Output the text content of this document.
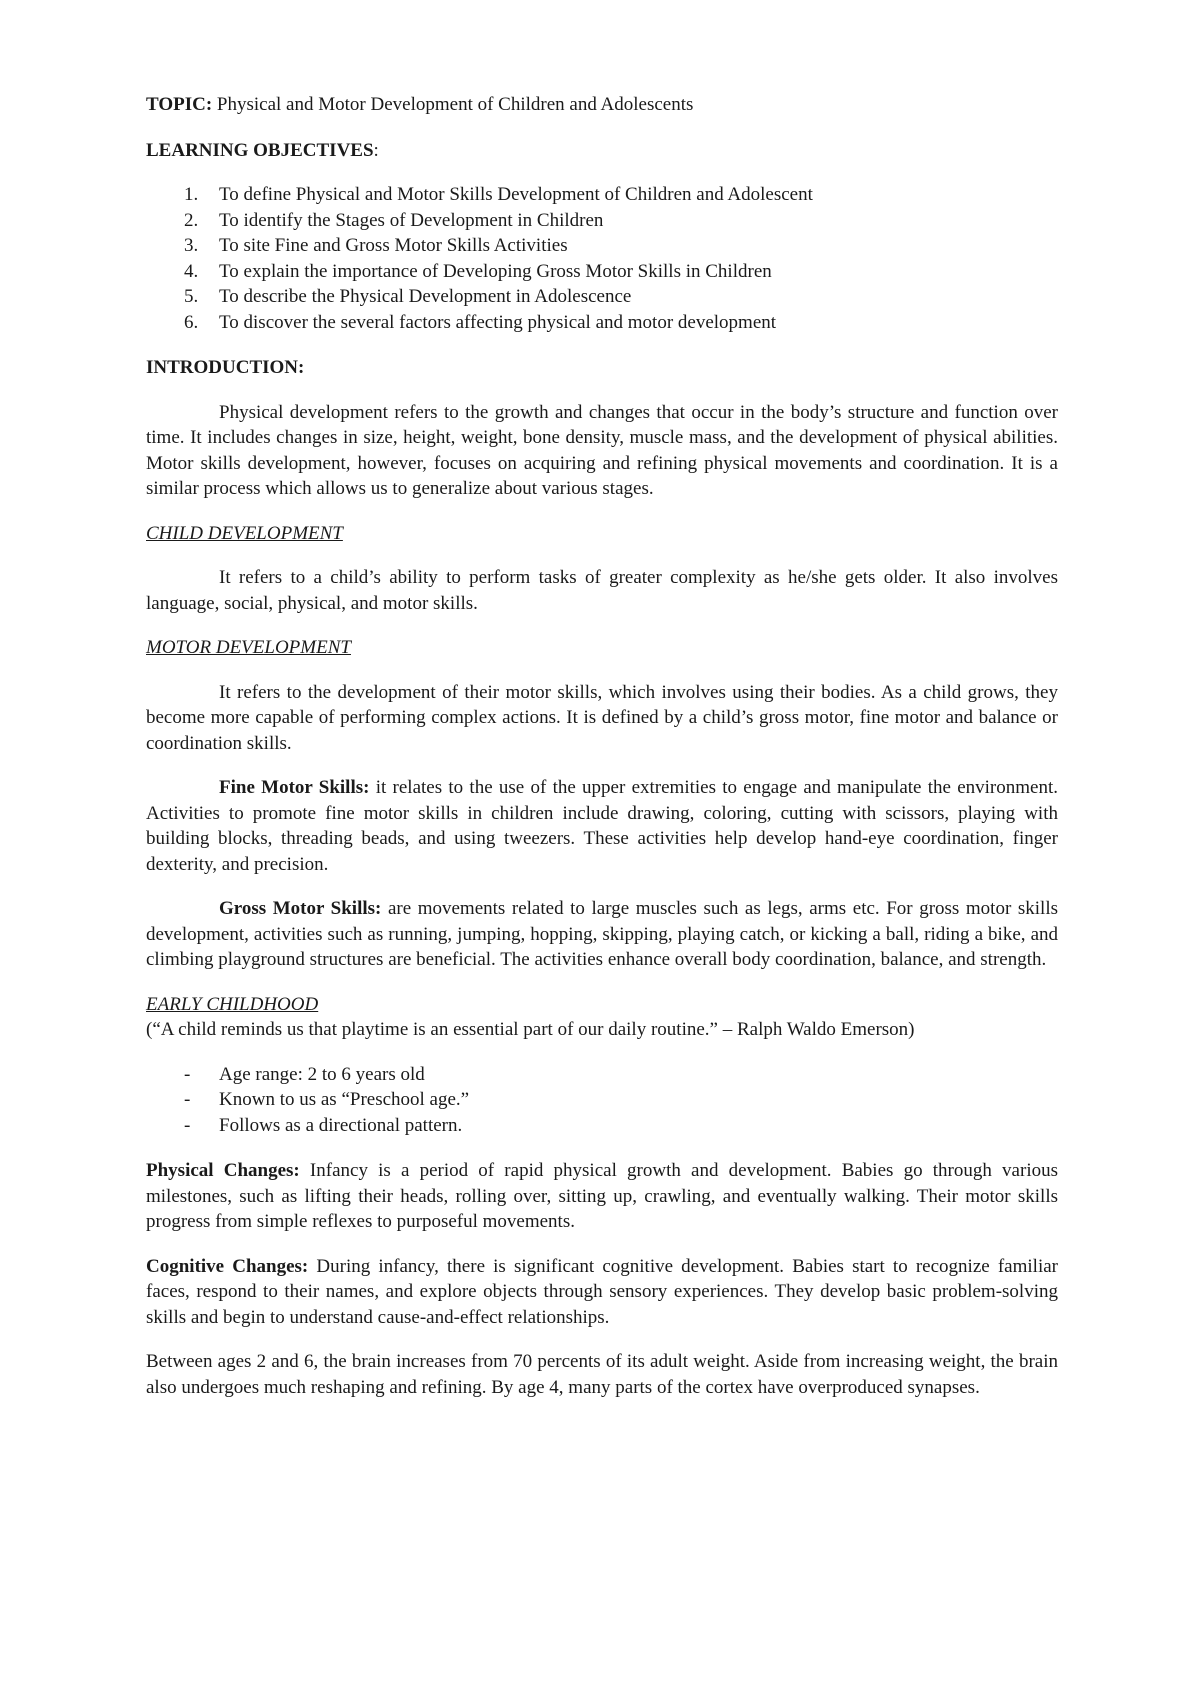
TOPIC: Physical and Motor Development of Children and Adolescents

LEARNING OBJECTIVES:

1. To define Physical and Motor Skills Development of Children and Adolescent
2. To identify the Stages of Development in Children
3. To site Fine and Gross Motor Skills Activities
4. To explain the importance of Developing Gross Motor Skills in Children
5. To describe the Physical Development in Adolescence
6. To discover the several factors affecting physical and motor development

INTRODUCTION:

Physical development refers to the growth and changes that occur in the body’s structure and function over time. It includes changes in size, height, weight, bone density, muscle mass, and the development of physical abilities. Motor skills development, however, focuses on acquiring and refining physical movements and coordination. It is a similar process which allows us to generalize about various stages.

CHILD DEVELOPMENT

It refers to a child’s ability to perform tasks of greater complexity as he/she gets older. It also involves language, social, physical, and motor skills.

MOTOR DEVELOPMENT

It refers to the development of their motor skills, which involves using their bodies. As a child grows, they become more capable of performing complex actions. It is defined by a child’s gross motor, fine motor and balance or coordination skills.

Fine Motor Skills: it relates to the use of the upper extremities to engage and manipulate the environment. Activities to promote fine motor skills in children include drawing, coloring, cutting with scissors, playing with building blocks, threading beads, and using tweezers. These activities help develop hand-eye coordination, finger dexterity, and precision.

Gross Motor Skills: are movements related to large muscles such as legs, arms etc. For gross motor skills development, activities such as running, jumping, hopping, skipping, playing catch, or kicking a ball, riding a bike, and climbing playground structures are beneficial. The activities enhance overall body coordination, balance, and strength.

EARLY CHILDHOOD

(“A child reminds us that playtime is an essential part of our daily routine.” – Ralph Waldo Emerson)

- Age range: 2 to 6 years old
- Known to us as “Preschool age.”
- Follows as a directional pattern.

Physical Changes: Infancy is a period of rapid physical growth and development. Babies go through various milestones, such as lifting their heads, rolling over, sitting up, crawling, and eventually walking. Their motor skills progress from simple reflexes to purposeful movements.

Cognitive Changes: During infancy, there is significant cognitive development. Babies start to recognize familiar faces, respond to their names, and explore objects through sensory experiences. They develop basic problem-solving skills and begin to understand cause-and-effect relationships.

Between ages 2 and 6, the brain increases from 70 percents of its adult weight. Aside from increasing weight, the brain also undergoes much reshaping and refining. By age 4, many parts of the cortex have overproduced synapses.
